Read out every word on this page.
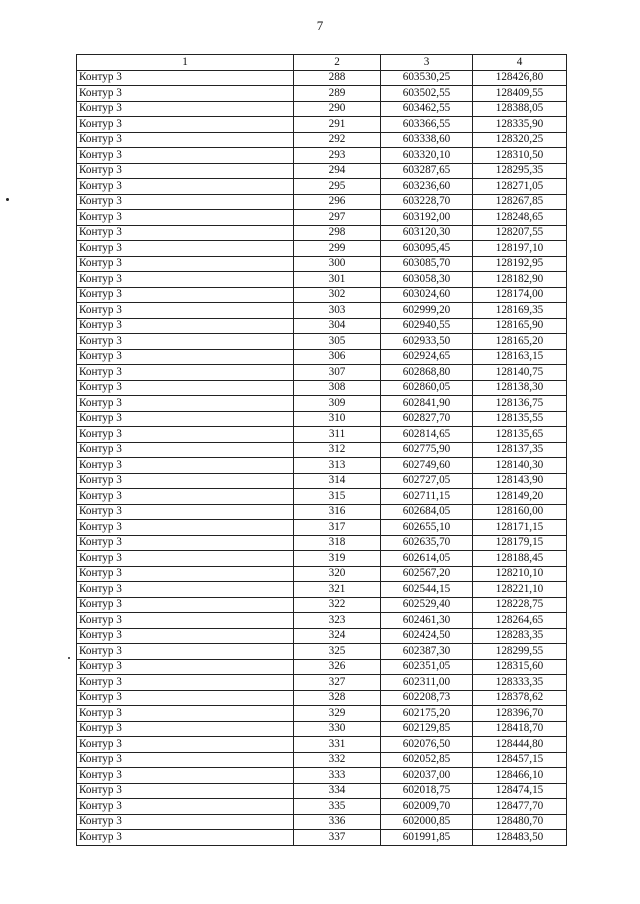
7
1	2	3	4
Контур 3	288	603530,25	128426,80
Контур 3	289	603502,55	128409,55
Контур 3	290	603462,55	128388,05
Контур 3	291	603366,55	128335,90
Контур 3	292	603338,60	128320,25
Контур 3	293	603320,10	128310,50
Контур 3	294	603287,65	128295,35
Контур 3	295	603236,60	128271,05
Контур 3	296	603228,70	128267,85
Контур 3	297	603192,00	128248,65
Контур 3	298	603120,30	128207,55
Контур 3	299	603095,45	128197,10
Контур 3	300	603085,70	128192,95
Контур 3	301	603058,30	128182,90
Контур 3	302	603024,60	128174,00
Контур 3	303	602999,20	128169,35
Контур 3	304	602940,55	128165,90
Контур 3	305	602933,50	128165,20
Контур 3	306	602924,65	128163,15
Контур 3	307	602868,80	128140,75
Контур 3	308	602860,05	128138,30
Контур 3	309	602841,90	128136,75
Контур 3	310	602827,70	128135,55
Контур 3	311	602814,65	128135,65
Контур 3	312	602775,90	128137,35
Контур 3	313	602749,60	128140,30
Контур 3	314	602727,05	128143,90
Контур 3	315	602711,15	128149,20
Контур 3	316	602684,05	128160,00
Контур 3	317	602655,10	128171,15
Контур 3	318	602635,70	128179,15
Контур 3	319	602614,05	128188,45
Контур 3	320	602567,20	128210,10
Контур 3	321	602544,15	128221,10
Контур 3	322	602529,40	128228,75
Контур 3	323	602461,30	128264,65
Контур 3	324	602424,50	128283,35
Контур 3	325	602387,30	128299,55
Контур 3	326	602351,05	128315,60
Контур 3	327	602311,00	128333,35
Контур 3	328	602208,73	128378,62
Контур 3	329	602175,20	128396,70
Контур 3	330	602129,85	128418,70
Контур 3	331	602076,50	128444,80
Контур 3	332	602052,85	128457,15
Контур 3	333	602037,00	128466,10
Контур 3	334	602018,75	128474,15
Контур 3	335	602009,70	128477,70
Контур 3	336	602000,85	128480,70
Контур 3	337	601991,85	128483,50
